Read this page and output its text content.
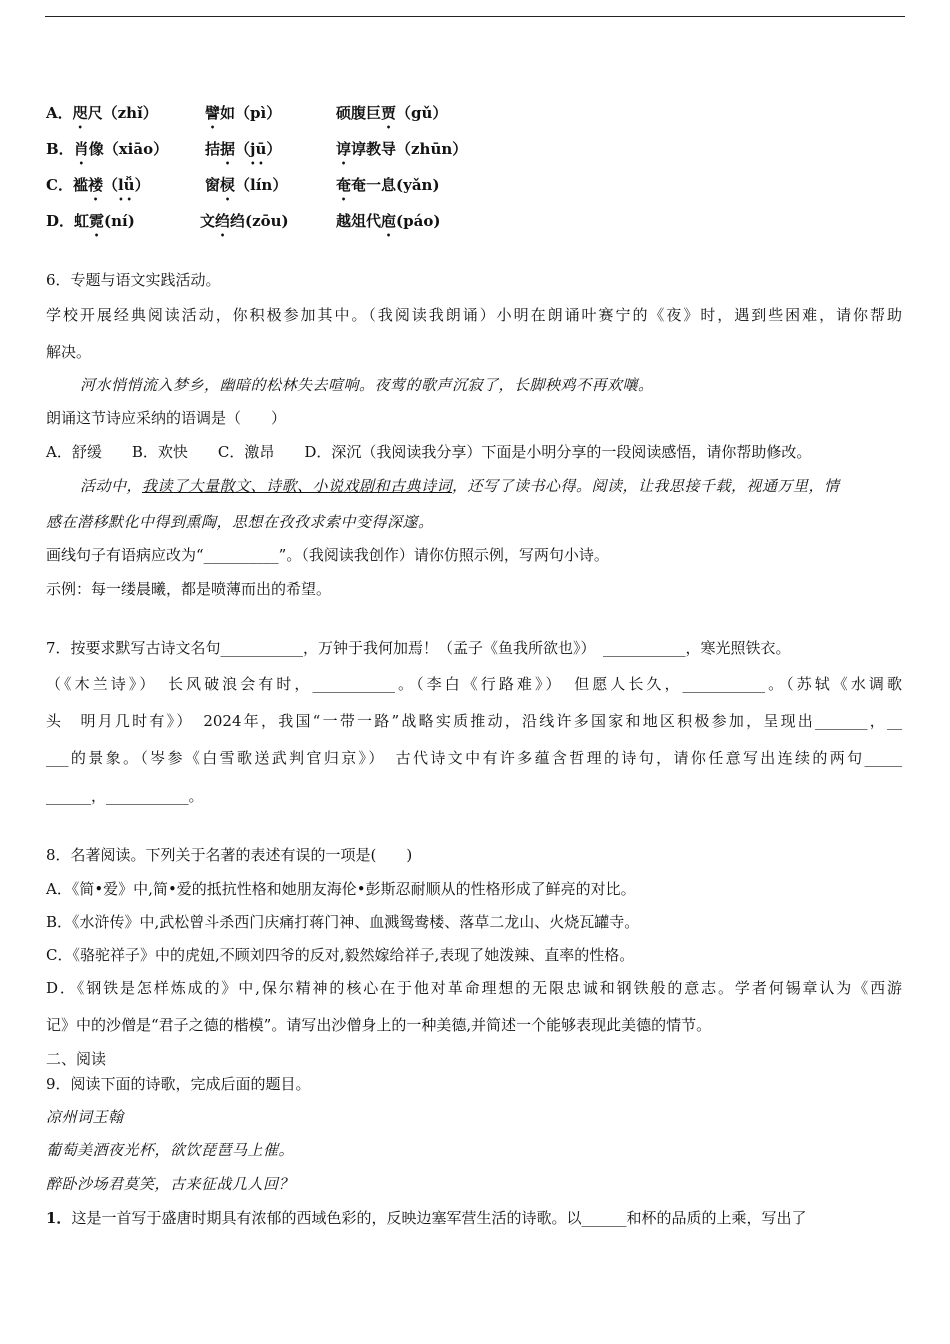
A．咫尺（zhǐ）	譬如（pì）	硕腹巨贾（gǔ）
B．肖像（xiāo） 拮据（jū）	谆谆教导（zhūn）
C．褴褛（lǚ）	窗棂（lín）	奄奄一息(yǎn)
D．虹霓(ní)	文绉绉(zōu)	越俎代庖(páo)
6．专题与语文实践活动。
学校开展经典阅读活动，你积极参加其中。（我阅读我朗诵）小明在朗诵叶赛宁的《夜》时，遇到些困难，请你帮助
解决。
河水悄悄流入梦乡，幽暗的松林失去喧响。夜莺的歌声沉寂了，长脚秧鸡不再欢嚷。
朗诵这节诗应采纳的语调是（　　）
A．舒缓　　B．欢快　　C．激昂　　D．深沉（我阅读我分享）下面是小明分享的一段阅读感悟，请你帮助修改。
活动中，我读了大量散文、诗歌、小说戏剧和古典诗词，还写了读书心得。阅读，让我思接千载，视通万里，情
感在潜移默化中得到熏陶，思想在孜孜求索中变得深邃。
画线句子有语病应改为“__________”。（我阅读我创作）请你仿照示例，写两句小诗。
示例：每一缕晨曦，都是喷薄而出的希望。
7．按要求默写古诗文名句___________，万钟于我何加焉！（孟子《鱼我所欲也》）　___________，寒光照铁衣。
（《木兰诗》）　长风破浪会有时，___________。（李白《行路难》）　但愿人长久，___________。（苏轼《水调歌
头　明月几时有》）　2024年，我国“一带一路”战略实质推动，沿线许多国家和地区积极参加，呈现出_______，__
___的景象。（岑参《白雪歌送武判官归京》）　古代诗文中有许多蕴含哲理的诗句，请你任意写出连续的两句_____
______，___________。
8．名著阅读。下列关于名著的表述有误的一项是(　　)
A．《简•爱》中,简•爱的抵抗性格和她朋友海伦•彭斯忍耐顺从的性格形成了鲜亮的对比。
B．《水浒传》中,武松曾斗杀西门庆痛打蒋门神、血溅鸳鸯楼、落草二龙山、火烧瓦罐寺。
C．《骆驼祥子》中的虎妞,不顾刘四爷的反对,毅然嫁给祥子,表现了她泼辣、直率的性格。
D．《钢铁是怎样炼成的》中,保尔精神的核心在于他对革命理想的无限忠诚和钢铁般的意志。学者何锡章认为《西游
记》中的沙僧是“君子之德的楷模”。请写出沙僧身上的一种美德,并简述一个能够表现此美德的情节。
二、阅读
9．阅读下面的诗歌，完成后面的题目。
凉州词王翰
葡萄美酒夜光杯，欲饮琵琶马上催。
醉卧沙场君莫笑，古来征战几人回？
1．这是一首写于盛唐时期具有浓郁的西域色彩的，反映边塞军营生活的诗歌。以______和杯的品质的上乘，写出了
